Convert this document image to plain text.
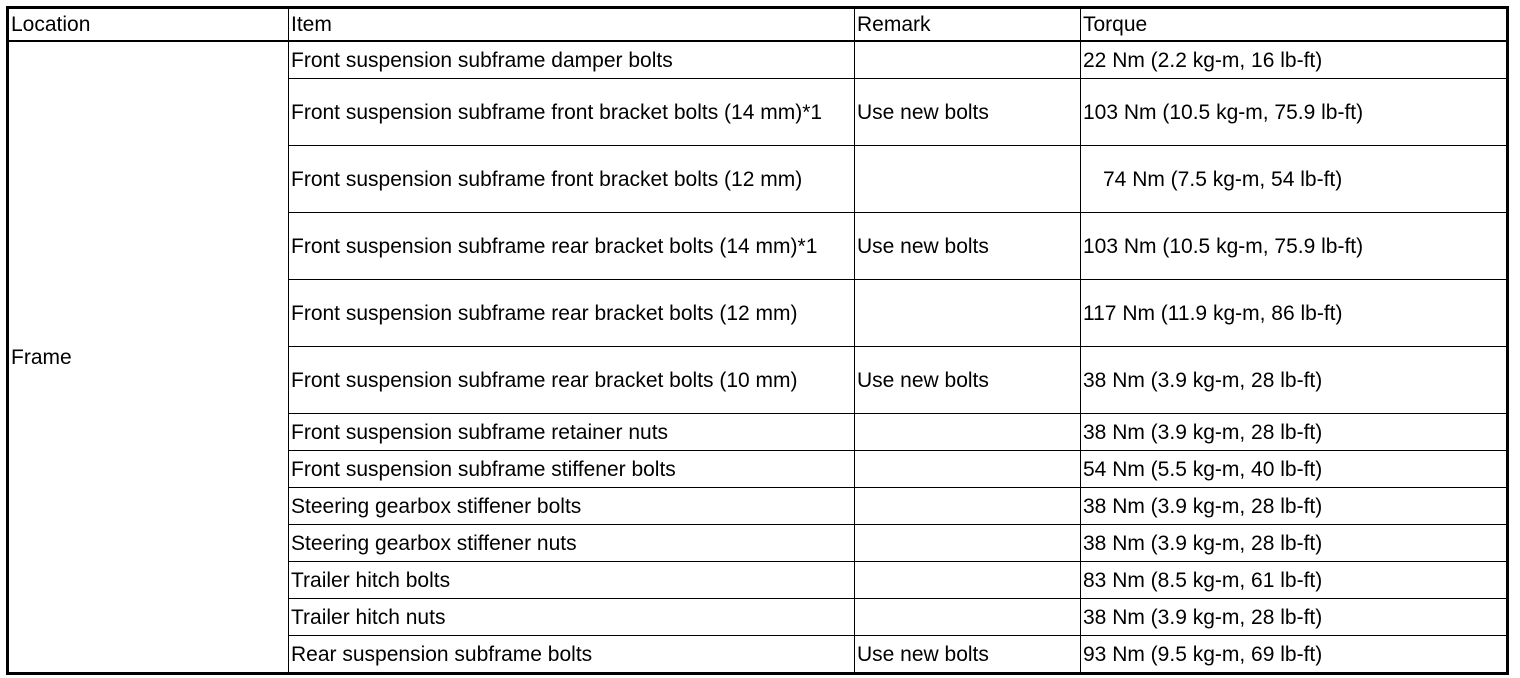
Location	Item	Remark	Torque
Frame	Front suspension subframe damper bolts		22 Nm (2.2 kg-m, 16 lb-ft)
	Front suspension subframe front bracket bolts (14 mm)*1	Use new bolts	103 Nm (10.5 kg-m, 75.9 lb-ft)
	Front suspension subframe front bracket bolts (12 mm)		74 Nm (7.5 kg-m, 54 lb-ft)
	Front suspension subframe rear bracket bolts (14 mm)*1	Use new bolts	103 Nm (10.5 kg-m, 75.9 lb-ft)
	Front suspension subframe rear bracket bolts (12 mm)		117 Nm (11.9 kg-m, 86 lb-ft)
	Front suspension subframe rear bracket bolts (10 mm)	Use new bolts	38 Nm (3.9 kg-m, 28 lb-ft)
	Front suspension subframe retainer nuts		38 Nm (3.9 kg-m, 28 lb-ft)
	Front suspension subframe stiffener bolts		54 Nm (5.5 kg-m, 40 lb-ft)
	Steering gearbox stiffener bolts		38 Nm (3.9 kg-m, 28 lb-ft)
	Steering gearbox stiffener nuts		38 Nm (3.9 kg-m, 28 lb-ft)
	Trailer hitch bolts		83 Nm (8.5 kg-m, 61 lb-ft)
	Trailer hitch nuts		38 Nm (3.9 kg-m, 28 lb-ft)
	Rear suspension subframe bolts	Use new bolts	93 Nm (9.5 kg-m, 69 lb-ft)
